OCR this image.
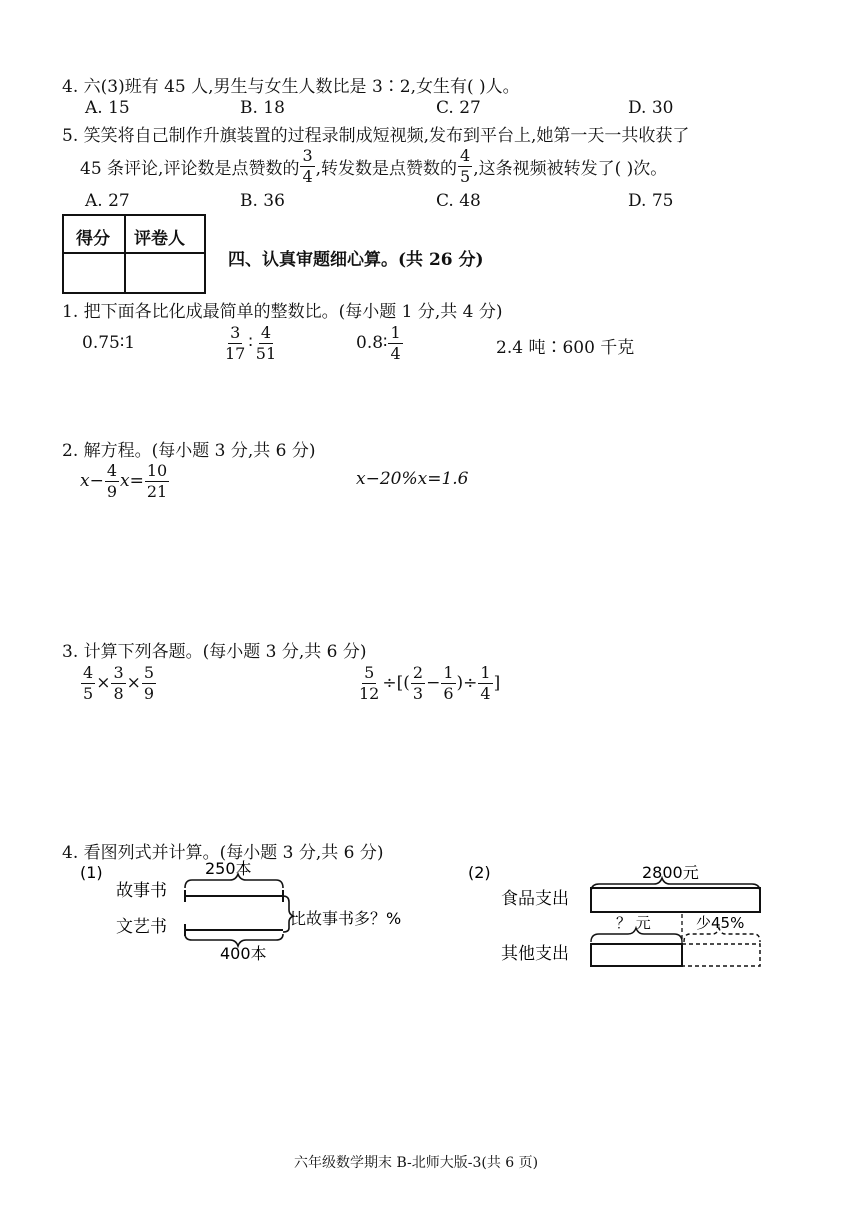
4. 六(3)班有 45 人,男生与女生人数比是 3∶2,女生有( )人。
A. 15	B. 18	C. 27	D. 30
5. 笑笑将自己制作升旗装置的过程录制成短视频,发布到平台上,她第一天一共收获了
45 条评论,评论数是点赞数的 $\frac{3}{4}$ ,转发数是点赞数的 $\frac{4}{5}$ ,这条视频被转发了( )次。
A. 27	B. 36	C. 48	D. 75
得分 评卷人
四、认真审题细心算。(共 26 分)
1. 把下面各比化成最简单的整数比。(每小题 1 分,共 4 分)
0.75∶1	$\frac{3}{17}$ ∶ $\frac{4}{51}$	0.8∶ $\frac{1}{4}$	2.4 吨∶600 千克
2. 解方程。(每小题 3 分,共 6 分)
$x- \frac{4}{9} x= \frac{10}{21}$	x−20%x=1.6
3. 计算下列各题。(每小题 3 分,共 6 分)
$\frac{4}{5} \times \frac{3}{8} \times \frac{5}{9}$	$\frac{5}{12}$ ÷[( $\frac{2}{3} - \frac{1}{6}$ )÷ $\frac{1}{4}$ ]
4. 看图列式并计算。(每小题 3 分,共 6 分)
(1)	250本
故事书
比故事书多？%
文艺书
400本
(2)	2800元
食品支出
？ 元	少45%
其他支出
六年级数学期末 B-北师大版-3(共 6 页)
